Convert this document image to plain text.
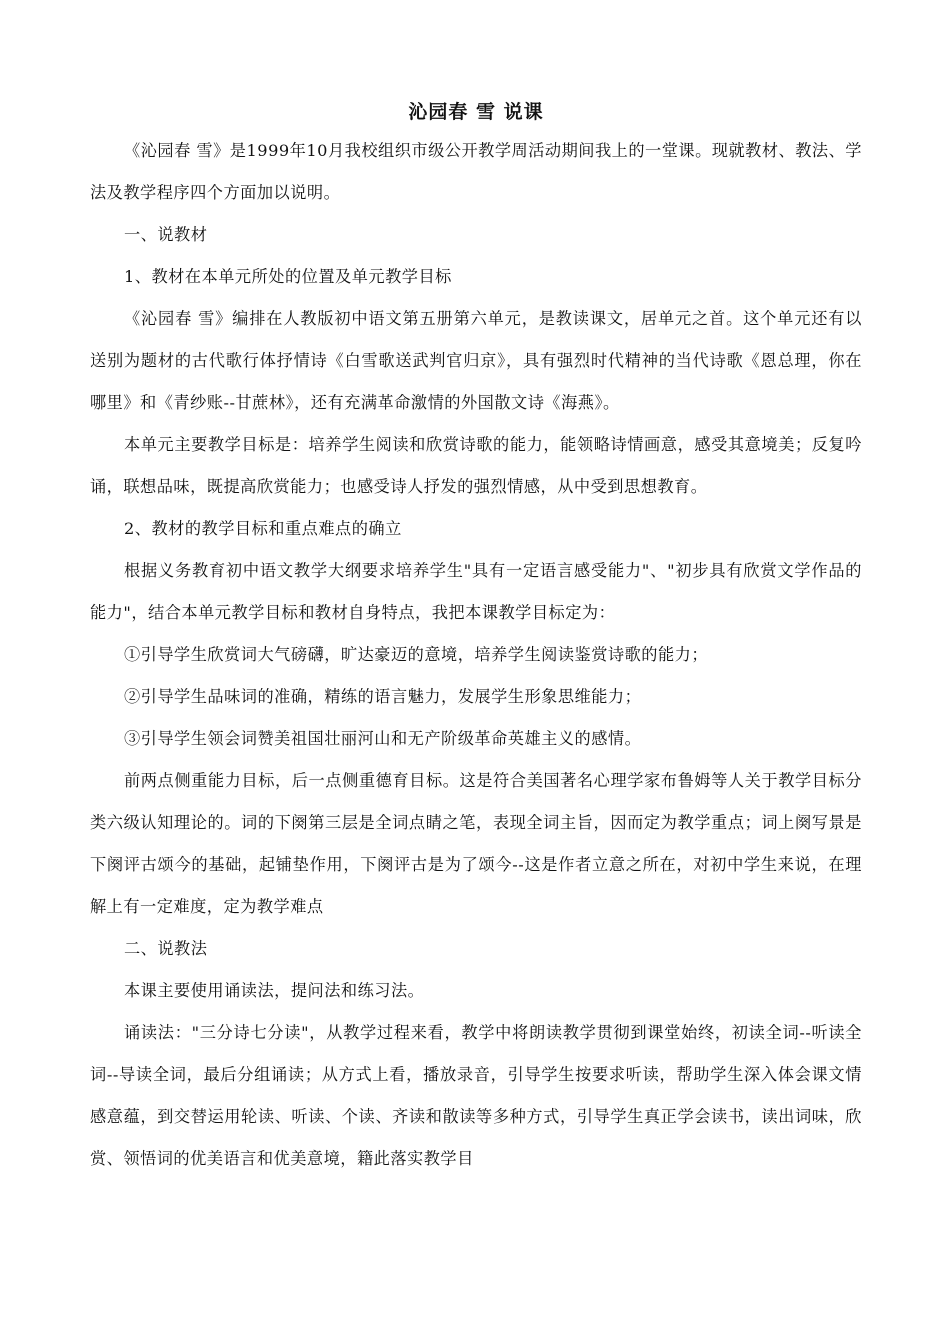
沁园春 雪 说课

《沁园春 雪》是1999年10月我校组织市级公开教学周活动期间我上的一堂课。现就教材、教法、学法及教学程序四个方面加以说明。

一、说教材

1、教材在本单元所处的位置及单元教学目标

《沁园春 雪》编排在人教版初中语文第五册第六单元，是教读课文，居单元之首。这个单元还有以送别为题材的古代歌行体抒情诗《白雪歌送武判官归京》，具有强烈时代精神的当代诗歌《恩总理，你在哪里》和《青纱账--甘蔗林》，还有充满革命激情的外国散文诗《海燕》。

本单元主要教学目标是：培养学生阅读和欣赏诗歌的能力，能领略诗情画意，感受其意境美；反复吟诵，联想品味，既提高欣赏能力；也感受诗人抒发的强烈情感，从中受到思想教育。

2、教材的教学目标和重点难点的确立

根据义务教育初中语文教学大纲要求培养学生"具有一定语言感受能力"、"初步具有欣赏文学作品的能力"，结合本单元教学目标和教材自身特点，我把本课教学目标定为：

①引导学生欣赏词大气磅礴，旷达豪迈的意境，培养学生阅读鉴赏诗歌的能力；

②引导学生品味词的准确，精练的语言魅力，发展学生形象思维能力；

③引导学生领会词赞美祖国壮丽河山和无产阶级革命英雄主义的感情。

前两点侧重能力目标，后一点侧重德育目标。这是符合美国著名心理学家布鲁姆等人关于教学目标分类六级认知理论的。词的下阕第三层是全词点睛之笔，表现全词主旨，因而定为教学重点；词上阕写景是下阕评古颂今的基础，起铺垫作用，下阕评古是为了颂今--这是作者立意之所在，对初中学生来说，在理解上有一定难度，定为教学难点

二、说教法

本课主要使用诵读法，提问法和练习法。

诵读法："三分诗七分读"，从教学过程来看，教学中将朗读教学贯彻到课堂始终，初读全词--听读全词--导读全词，最后分组诵读；从方式上看，播放录音，引导学生按要求听读，帮助学生深入体会课文情感意蕴，到交替运用轮读、听读、个读、齐读和散读等多种方式，引导学生真正学会读书，读出词味，欣赏、领悟词的优美语言和优美意境，籍此落实教学目
